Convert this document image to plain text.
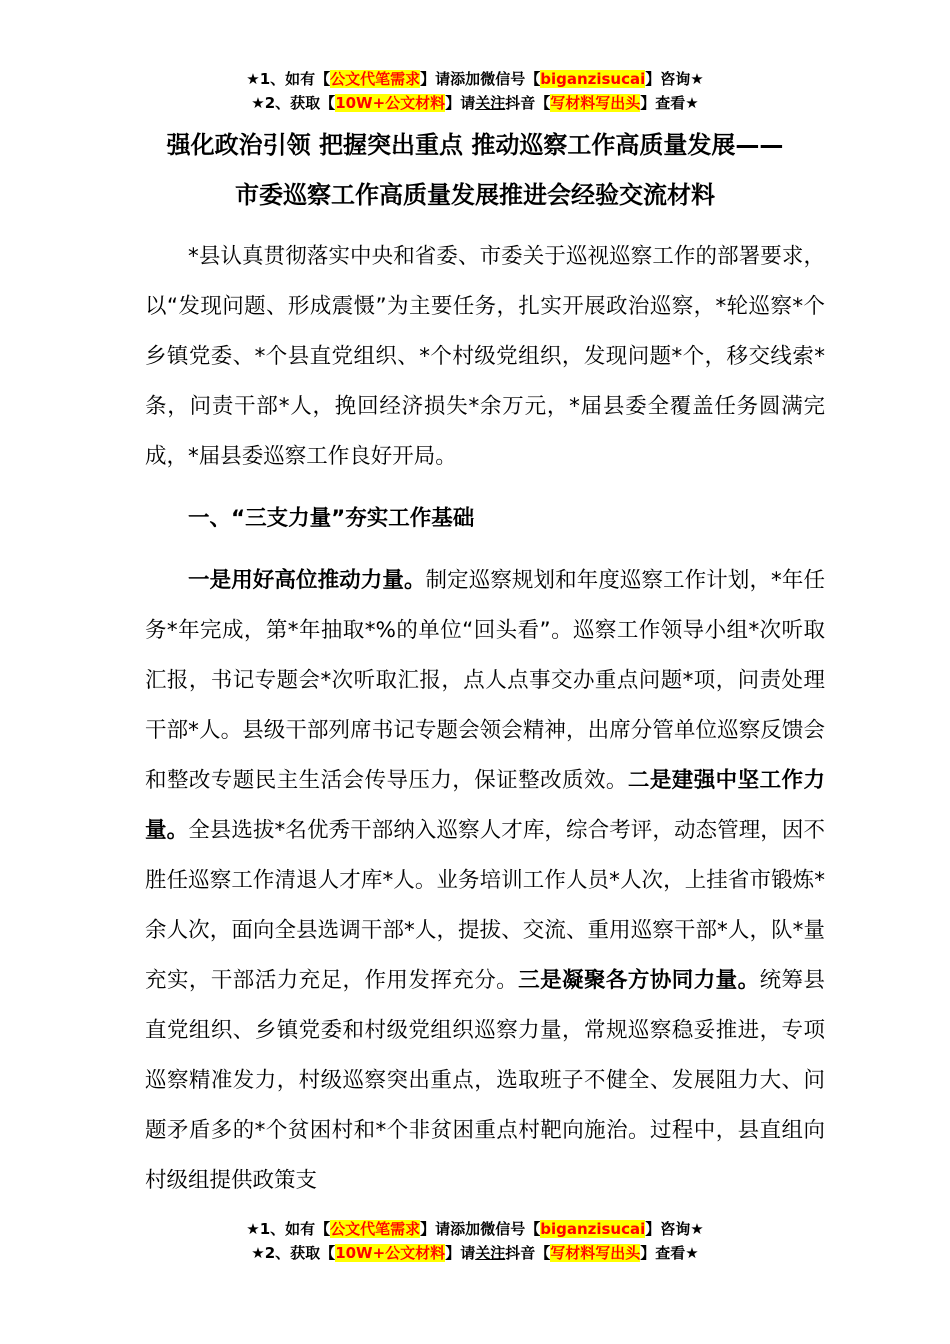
★1、如有【公文代笔需求】请添加微信号【biganzisucai】咨询★
★2、获取【10W+公文材料】请关注抖音【写材料写出头】查看★
强化政治引领 把握突出重点 推动巡察工作高质量发展——
市委巡察工作高质量发展推进会经验交流材料

*县认真贯彻落实中央和省委、市委关于巡视巡察工作的部署要求，以“发现问题、形成震慑”为主要任务，扎实开展政治巡察，*轮巡察*个乡镇党委、*个县直党组织、*个村级党组织，发现问题*个，移交线索*条，问责干部*人，挽回经济损失*余万元，*届县委全覆盖任务圆满完成，*届县委巡察工作良好开局。

一、“三支力量”夯实工作基础

一是用好高位推动力量。制定巡察规划和年度巡察工作计划，*年任务*年完成，第*年抽取*%的单位“回头看”。巡察工作领导小组*次听取汇报，书记专题会*次听取汇报，点人点事交办重点问题*项，问责处理干部*人。县级干部列席书记专题会领会精神，出席分管单位巡察反馈会和整改专题民主生活会传导压力，保证整改质效。二是建强中坚工作力量。全县选拔*名优秀干部纳入巡察人才库，综合考评，动态管理，因不胜任巡察工作清退人才库*人。业务培训工作人员*人次，上挂省市锻炼*余人次，面向全县选调干部*人，提拔、交流、重用巡察干部*人，队*量充实，干部活力充足，作用发挥充分。三是凝聚各方协同力量。统筹县直党组织、乡镇党委和村级党组织巡察力量，常规巡察稳妥推进，专项巡察精准发力，村级巡察突出重点，选取班子不健全、发展阻力大、问题矛盾多的*个贫困村和*个非贫困重点村靶向施治。过程中，县直组向村级组提供政策支

★1、如有【公文代笔需求】请添加微信号【biganzisucai】咨询★
★2、获取【10W+公文材料】请关注抖音【写材料写出头】查看★
